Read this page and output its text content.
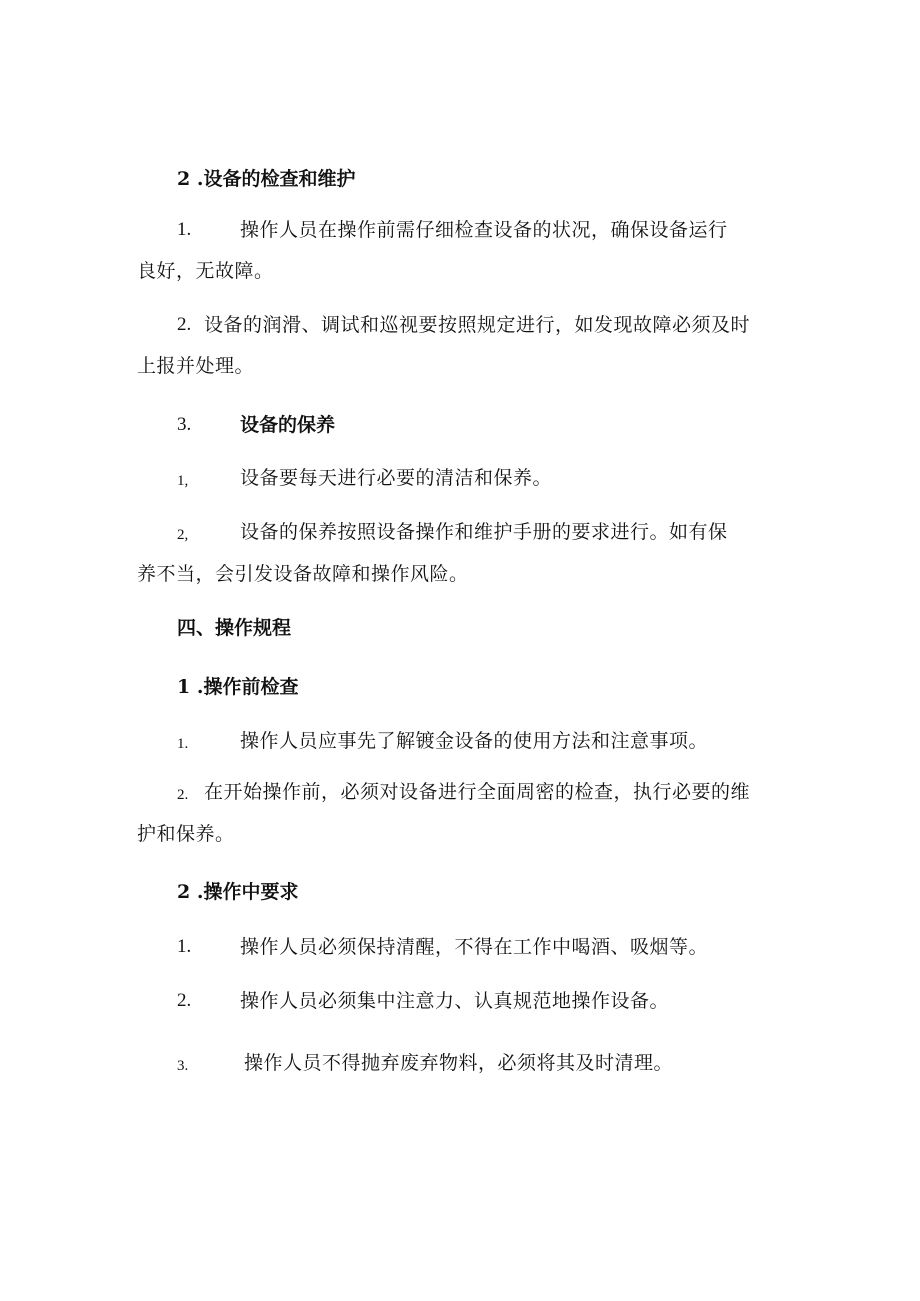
2 .设备的检查和维护
1.	操作人员在操作前需仔细检查设备的状况，确保设备运行
良好，无故障。
2. 设备的润滑、调试和巡视要按照规定进行，如发现故障必须及时
上报并处理。
3.	设备的保养
1,	设备要每天进行必要的清洁和保养。
2,	设备的保养按照设备操作和维护手册的要求进行。如有保
养不当，会引发设备故障和操作风险。
四、操作规程
1 .操作前检查
1.	操作人员应事先了解镀金设备的使用方法和注意事项。
2. 在开始操作前，必须对设备进行全面周密的检查，执行必要的维
护和保养。
2 .操作中要求
1.	操作人员必须保持清醒，不得在工作中喝酒、吸烟等。
2.	操作人员必须集中注意力、认真规范地操作设备。
3.	操作人员不得抛弃废弃物料，必须将其及时清理。
